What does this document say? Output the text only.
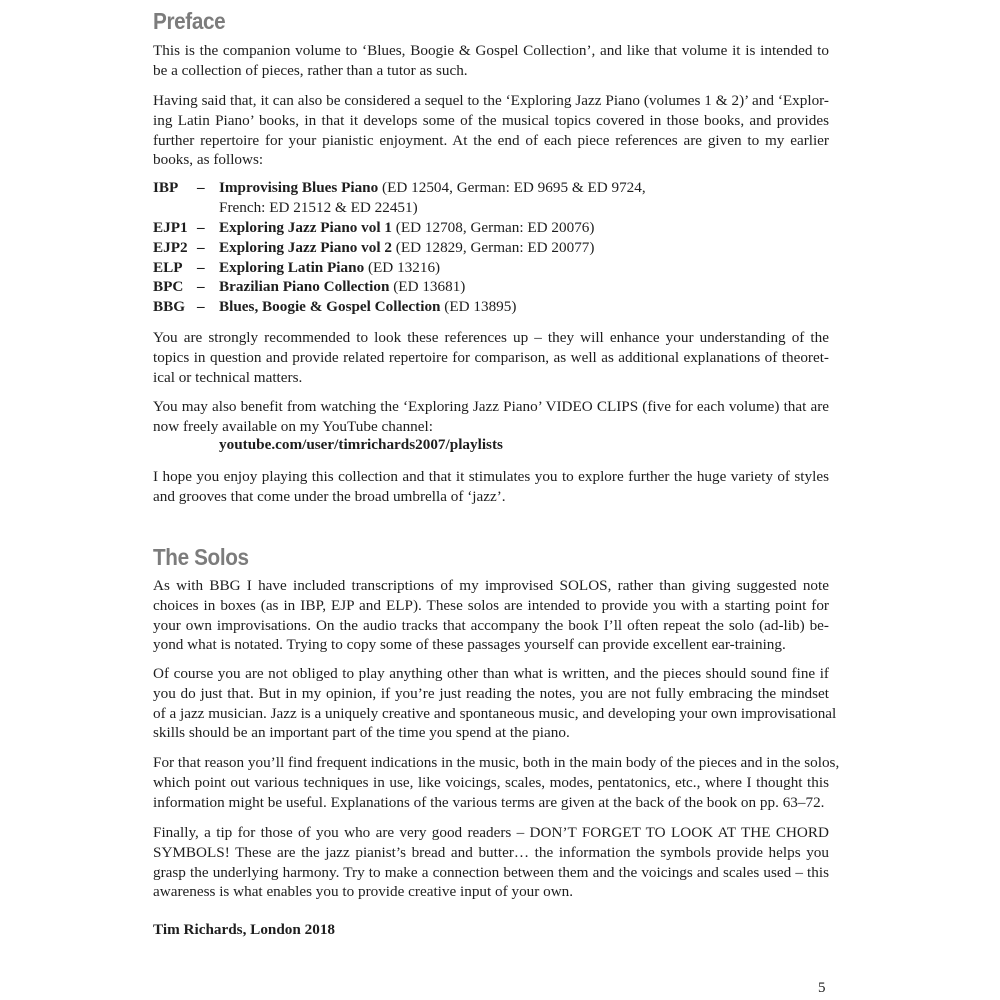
Preface
This is the companion volume to ‘Blues, Boogie & Gospel Collection’, and like that volume it is intended to
be a collection of pieces, rather than a tutor as such.
Having said that, it can also be considered a sequel to the ‘Exploring Jazz Piano (volumes 1 & 2)’ and ‘Explor-
ing Latin Piano’ books, in that it develops some of the musical topics covered in those books, and provides
further repertoire for your pianistic enjoyment. At the end of each piece references are given to my earlier
books, as follows:
IBP – Improvising Blues Piano (ED 12504, German: ED 9695 & ED 9724,
French: ED 21512 & ED 22451)
EJP1 – Exploring Jazz Piano vol 1 (ED 12708, German: ED 20076)
EJP2 – Exploring Jazz Piano vol 2 (ED 12829, German: ED 20077)
ELP – Exploring Latin Piano (ED 13216)
BPC – Brazilian Piano Collection (ED 13681)
BBG – Blues, Boogie & Gospel Collection (ED 13895)
You are strongly recommended to look these references up – they will enhance your understanding of the
topics in question and provide related repertoire for comparison, as well as additional explanations of theoret-
ical or technical matters.
You may also benefit from watching the ‘Exploring Jazz Piano’ VIDEO CLIPS (five for each volume) that are
now freely available on my YouTube channel:
youtube.com/user/timrichards2007/playlists
I hope you enjoy playing this collection and that it stimulates you to explore further the huge variety of styles
and grooves that come under the broad umbrella of ‘jazz’.
The Solos
As with BBG I have included transcriptions of my improvised SOLOS, rather than giving suggested note
choices in boxes (as in IBP, EJP and ELP). These solos are intended to provide you with a starting point for
your own improvisations. On the audio tracks that accompany the book I’ll often repeat the solo (ad-lib) be-
yond what is notated. Trying to copy some of these passages yourself can provide excellent ear-training.
Of course you are not obliged to play anything other than what is written, and the pieces should sound fine if
you do just that. But in my opinion, if you’re just reading the notes, you are not fully embracing the mindset
of a jazz musician. Jazz is a uniquely creative and spontaneous music, and developing your own improvisational
skills should be an important part of the time you spend at the piano.
For that reason you’ll find frequent indications in the music, both in the main body of the pieces and in the solos,
which point out various techniques in use, like voicings, scales, modes, pentatonics, etc., where I thought this
information might be useful. Explanations of the various terms are given at the back of the book on pp. 63–72.
Finally, a tip for those of you who are very good readers – DON’T FORGET TO LOOK AT THE CHORD
SYMBOLS! These are the jazz pianist’s bread and butter… the information the symbols provide helps you
grasp the underlying harmony. Try to make a connection between them and the voicings and scales used – this
awareness is what enables you to provide creative input of your own.
Tim Richards, London 2018
5
